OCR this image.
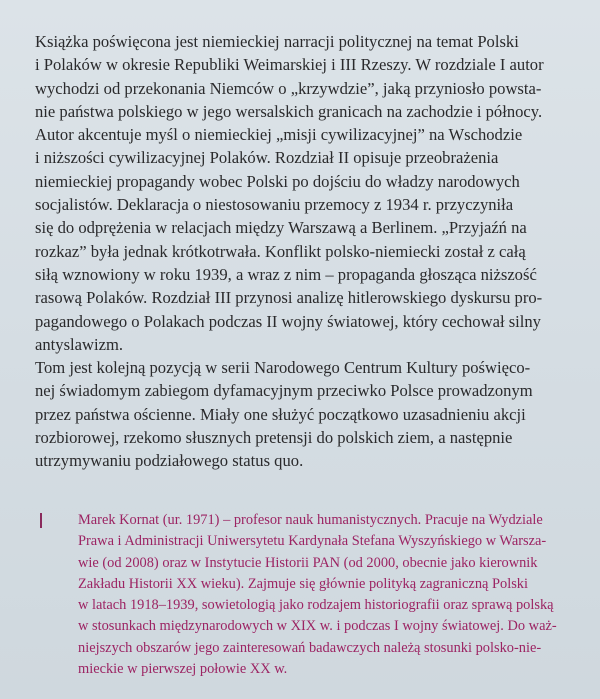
Książka poświęcona jest niemieckiej narracji politycznej na temat Polski
i Polaków w okresie Republiki Weimarskiej i III Rzeszy. W rozdziale I autor
wychodzi od przekonania Niemców o „krzywdzie”, jaką przyniosło powsta-
nie państwa polskiego w jego wersalskich granicach na zachodzie i północy.
Autor akcentuje myśl o niemieckiej „misji cywilizacyjnej” na Wschodzie
i niższości cywilizacyjnej Polaków. Rozdział II opisuje przeobrażenia
niemieckiej propagandy wobec Polski po dojściu do władzy narodowych
socjalistów. Deklaracja o niestosowaniu przemocy z 1934 r. przyczyniła
się do odprężenia w relacjach między Warszawą a Berlinem. „Przyjaźń na
rozkaz” była jednak krótkotrwała. Konflikt polsko-niemiecki został z całą
siłą wznowiony w roku 1939, a wraz z nim – propaganda głosząca niższość
rasową Polaków. Rozdział III przynosi analizę hitlerowskiego dyskursu pro-
pagandowego o Polakach podczas II wojny światowej, który cechował silny
antyslawizm.

Tom jest kolejną pozycją w serii Narodowego Centrum Kultury poświęco-
nej świadomym zabiegom dyfamacyjnym przeciwko Polsce prowadzonym
przez państwa ościenne. Miały one służyć początkowo uzasadnieniu akcji
rozbiorowej, rzekomo słusznych pretensji do polskich ziem, a następnie
utrzymywaniu podziałowego status quo.

Marek Kornat (ur. 1971) – profesor nauk humanistycznych. Pracuje na Wydziale
Prawa i Administracji Uniwersytetu Kardynała Stefana Wyszyńskiego w Warsza-
wie (od 2008) oraz w Instytucie Historii PAN (od 2000, obecnie jako kierownik
Zakładu Historii XX wieku). Zajmuje się głównie polityką zagraniczną Polski
w latach 1918–1939, sowietologią jako rodzajem historiografii oraz sprawą polską
w stosunkach międzynarodowych w XIX w. i podczas I wojny światowej. Do waż-
niejszych obszarów jego zainteresowań badawczych należą stosunki polsko-nie-
mieckie w pierwszej połowie XX w.
